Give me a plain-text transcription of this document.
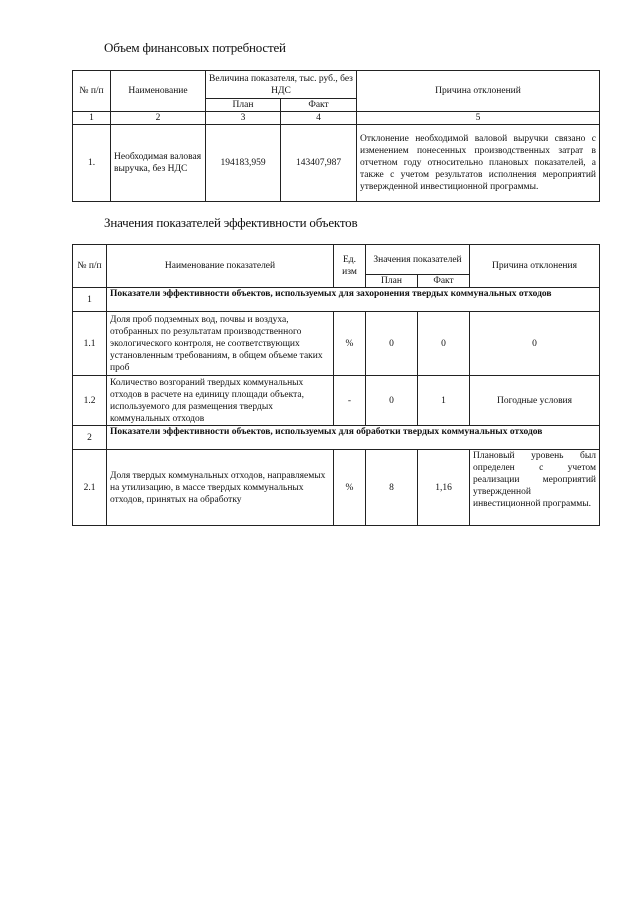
Объем финансовых потребностей
№ п/п	Наименование	Величина показателя, тыс. руб., без НДС		Причина отклонений
		План	Факт	
1	2	3	4	5
1.	Необходимая валовая выручка, без НДС	194183,959	143407,987	Отклонение необходимой валовой выручки связано с изменением понесенных производственных затрат в отчетном году относительно плановых показателей, а также с учетом результатов исполнения мероприятий утвержденной инвестиционной программы.
Значения показателей эффективности объектов
№ п/п	Наименование показателей	Ед. изм	Значения показателей		Причина отклонения
			План	Факт	
1	Показатели эффективности объектов, используемых для захоронения твердых коммунальных отходов				
1.1	Доля проб подземных вод, почвы и воздуха, отобранных по результатам производственного экологического контроля, не соответствующих установленным требованиям, в общем объеме таких проб	%	0	0	0
1.2	Количество возгораний твердых коммунальных отходов в расчете на единицу площади объекта, используемого для размещения твердых коммунальных отходов	-	0	1	Погодные условия
2	Показатели эффективности объектов, используемых для обработки твердых коммунальных отходов				
2.1	Доля твердых коммунальных отходов, направляемых на утилизацию, в массе твердых коммунальных отходов, принятых на обработку	%	8	1,16	Плановый уровень был определен с учетом реализации мероприятий утвержденной инвестиционной программы.
